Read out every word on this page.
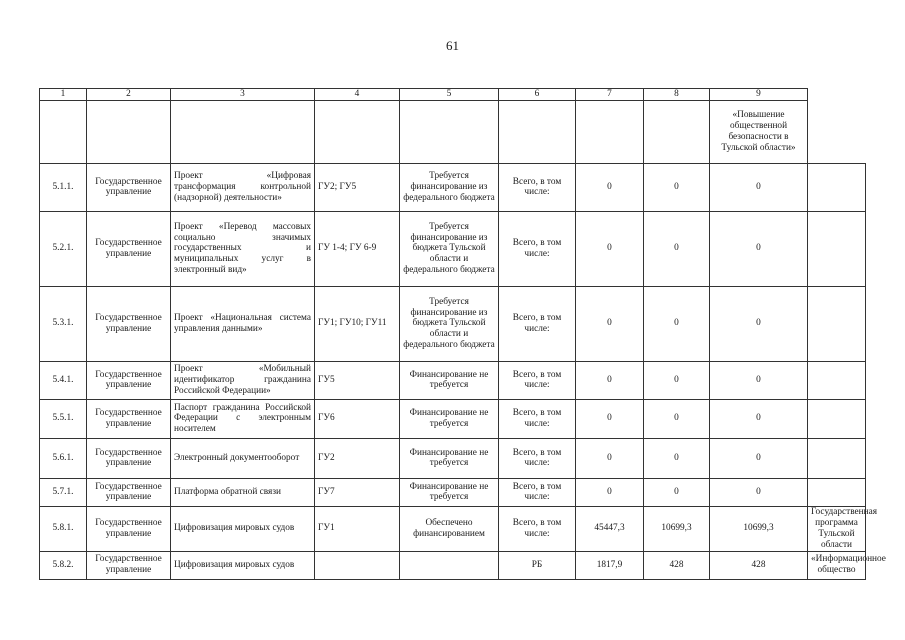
61
1	2	3	4	5	6	7	8	9	
								«Повышение общественной безопасности в Тульской области»	
5.1.1.	Государственное управление	Проект «Цифровая трансформация контрольной (надзорной) деятельности»	ГУ2; ГУ5	Требуется финансирование из федерального бюджета	Всего, в том числе:	0	0	0	
5.2.1.	Государственное управление	Проект «Перевод массовых социально значимых государственных и муниципальных услуг в электронный вид»	ГУ 1-4; ГУ 6-9	Требуется финансирование из бюджета Тульской области и федерального бюджета	Всего, в том числе:	0	0	0	
5.3.1.	Государственное управление	Проект «Национальная система управления данными»	ГУ1; ГУ10; ГУ11	Требуется финансирование из бюджета Тульской области и федерального бюджета	Всего, в том числе:	0	0	0	
5.4.1.	Государственное управление	Проект «Мобильный идентификатор гражданина Российской Федерации»	ГУ5	Финансирование не требуется	Всего, в том числе:	0	0	0	
5.5.1.	Государственное управление	Паспорт гражданина Российской Федерации с электронным носителем	ГУ6	Финансирование не требуется	Всего, в том числе:	0	0	0	
5.6.1.	Государственное управление	Электронный документооборот	ГУ2	Финансирование не требуется	Всего, в том числе:	0	0	0	
5.7.1.	Государственное управление	Платформа обратной связи	ГУ7	Финансирование не требуется	Всего, в том числе:	0	0	0	
5.8.1.	Государственное управление	Цифровизация мировых судов	ГУ1	Обеспечено финансированием	Всего, в том числе:	45447,3	10699,3	10699,3	Государственная программа Тульской области
5.8.2.	Государственное управление	Цифровизация мировых судов			РБ	1817,9	428	428	«Информационное общество
